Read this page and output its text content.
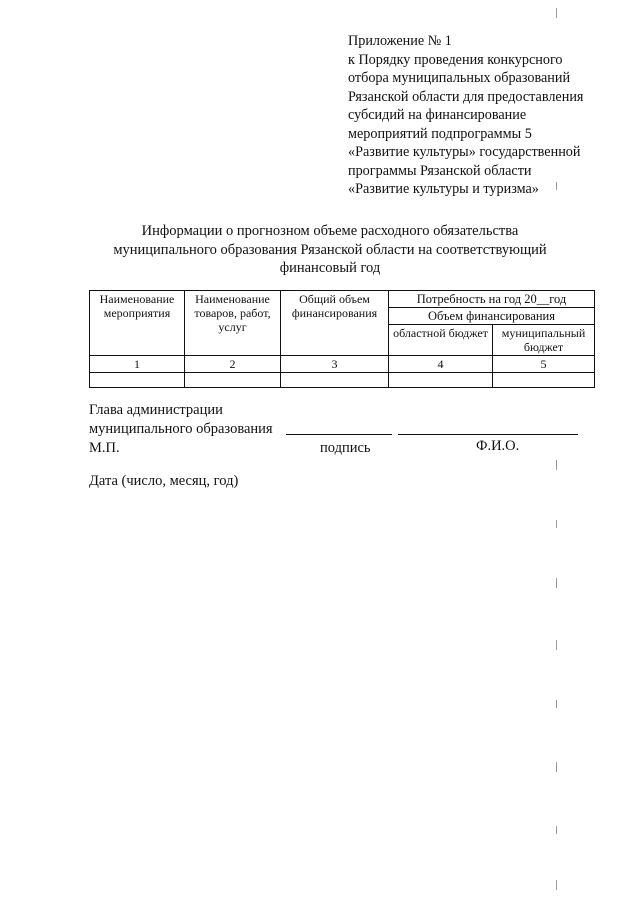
Приложение № 1
к Порядку проведения конкурсного
отбора муниципальных образований
Рязанской области для предоставления
субсидий на финансирование
мероприятий подпрограммы 5
«Развитие культуры» государственной
программы Рязанской области
«Развитие культуры и туризма»
Информации о прогнозном объеме расходного обязательства
муниципального образования Рязанской области на соответствующий
финансовый год
Наименование мероприятия	Наименование товаров, работ, услуг	Общий объем финансирования	Потребность на год 20__год	
			Объем финансирования	
			областной бюджет	муниципальный бюджет
1	2	3	4	5

Глава администрации
муниципального образования
М.П.	подпись	Ф.И.О.
Дата (число, месяц, год)
